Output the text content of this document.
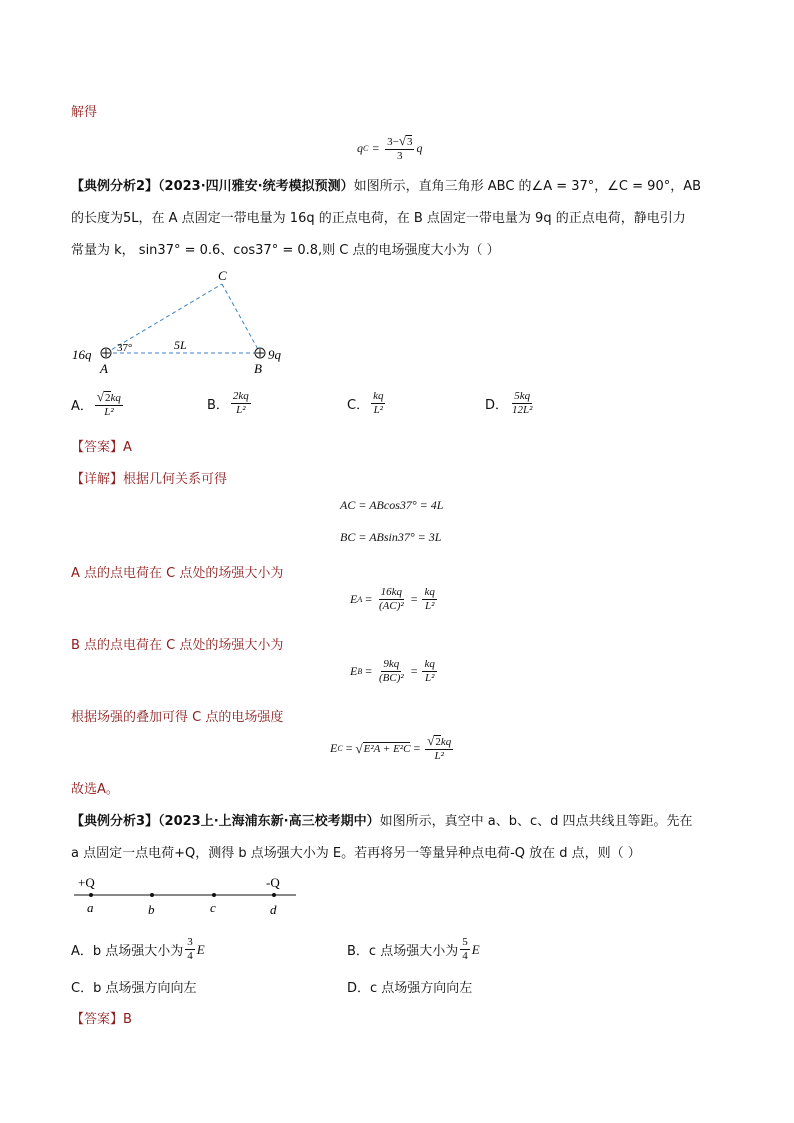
解得
q $C = \frac{3-√3}{3}$ q
【典例分析2】（2023·四川雅安·统考模拟预测）如图所示，直角三角形 ABC 的∠A = 37°，∠C = 90°，AB
的长度为5L，在 A 点固定一带电量为 16q 的正点电荷，在 B 点固定一带电量为 9q 的正点电荷，静电引力
常量为 k， sin37° = 0.6、cos37° = 0.8,则 C 点的电场强度大小为（ ）
16q	9q
A	B
C
37°	5L
A． $\frac{√2kq}{\text{L²}}$	B． $\frac{2kq}{\text{L²}}$	C． $\frac{kq}{\text{L²}}$	D． $\frac{5kq}{\text{12L²}}$
【答案】A
【详解】根据几何关系可得
AC = ABcos37° = 4L
BC = ABsin37° = 3L
A 点的点电荷在 C 点处的场强大小为
E $A = \frac{16kq}{\text{(AC)²}} = \frac{kq}{\text{L²}}$
B 点的点电荷在 C 点处的场强大小为
E $B = \frac{9kq}{\text{(BC)²}} = \frac{kq}{\text{L²}}$
根据场强的叠加可得 C 点的电场强度
E C = √ $E^2A + E^2C = \frac{√2kq}{\text{L²}}$
故选A。
【典例分析3】（2023上·上海浦东新·高三校考期中）如图所示，真空中 a、b、c、d 四点共线且等距。先在
a 点固定一点电荷+Q，测得 b 点场强大小为 E。若再将另一等量异种点电荷-Q 放在 d 点，则（ ）
+Q	-Q
a	b	c	d
A． b 点场强大小为 $\frac{3}{4}$ E	B． c 点场强大小为 $\frac{5}{4}$ E
C．b 点场强方向向左	D．c 点场强方向向左
【答案】B
